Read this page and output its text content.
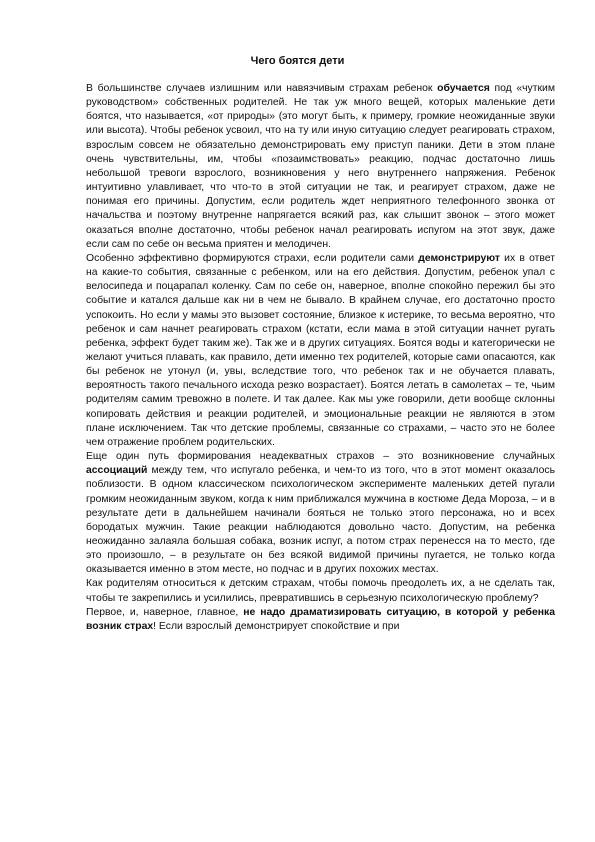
Чего боятся дети

В большинстве случаев излишним или навязчивым страхам ребенок обучается под «чутким руководством» собственных родителей. Не так уж много вещей, которых маленькие дети боятся, что называется, «от природы» (это могут быть, к примеру, громкие неожиданные звуки или высота). Чтобы ребенок усвоил, что на ту или иную ситуацию следует реагировать страхом, взрослым совсем не обязательно демонстрировать ему приступ паники. Дети в этом плане очень чувствительны, им, чтобы «позаимствовать» реакцию, подчас достаточно лишь небольшой тревоги взрослого, возникновения у него внутреннего напряжения. Ребенок интуитивно улавливает, что что-то в этой ситуации не так, и реагирует страхом, даже не понимая его причины. Допустим, если родитель ждет неприятного телефонного звонка от начальства и поэтому внутренне напрягается всякий раз, как слышит звонок – этого может оказаться вполне достаточно, чтобы ребенок начал реагировать испугом на этот звук, даже если сам по себе он весьма приятен и мелодичен.

Особенно эффективно формируются страхи, если родители сами демонстрируют их в ответ на какие-то события, связанные с ребенком, или на его действия. Допустим, ребенок упал с велосипеда и поцарапал коленку. Сам по себе он, наверное, вполне спокойно пережил бы это событие и катался дальше как ни в чем не бывало. В крайнем случае, его достаточно просто успокоить. Но если у мамы это вызовет состояние, близкое к истерике, то весьма вероятно, что ребенок и сам начнет реагировать страхом (кстати, если мама в этой ситуации начнет ругать ребенка, эффект будет таким же). Так же и в других ситуациях. Боятся воды и категорически не желают учиться плавать, как правило, дети именно тех родителей, которые сами опасаются, как бы ребенок не утонул (и, увы, вследствие того, что ребенок так и не обучается плавать, вероятность такого печального исхода резко возрастает). Боятся летать в самолетах – те, чьим родителям самим тревожно в полете. И так далее. Как мы уже говорили, дети вообще склонны копировать действия и реакции родителей, и эмоциональные реакции не являются в этом плане исключением. Так что детские проблемы, связанные со страхами, – часто это не более чем отражение проблем родительских.

Еще один путь формирования неадекватных страхов – это возникновение случайных ассоциаций между тем, что испугало ребенка, и чем-то из того, что в этот момент оказалось поблизости. В одном классическом психологическом эксперименте маленьких детей пугали громким неожиданным звуком, когда к ним приближался мужчина в костюме Деда Мороза, – и в результате дети в дальнейшем начинали бояться не только этого персонажа, но и всех бородатых мужчин. Такие реакции наблюдаются довольно часто. Допустим, на ребенка неожиданно залаяла большая собака, возник испуг, а потом страх перенесся на то место, где это произошло, – в результате он без всякой видимой причины пугается, не только когда оказывается именно в этом месте, но подчас и в других похожих местах.

Как родителям относиться к детским страхам, чтобы помочь преодолеть их, а не сделать так, чтобы те закрепились и усилились, превратившись в серьезную психологическую проблему?

Первое, и, наверное, главное, не надо драматизировать ситуацию, в которой у ребенка возник страх! Если взрослый демонстрирует спокойствие и при
